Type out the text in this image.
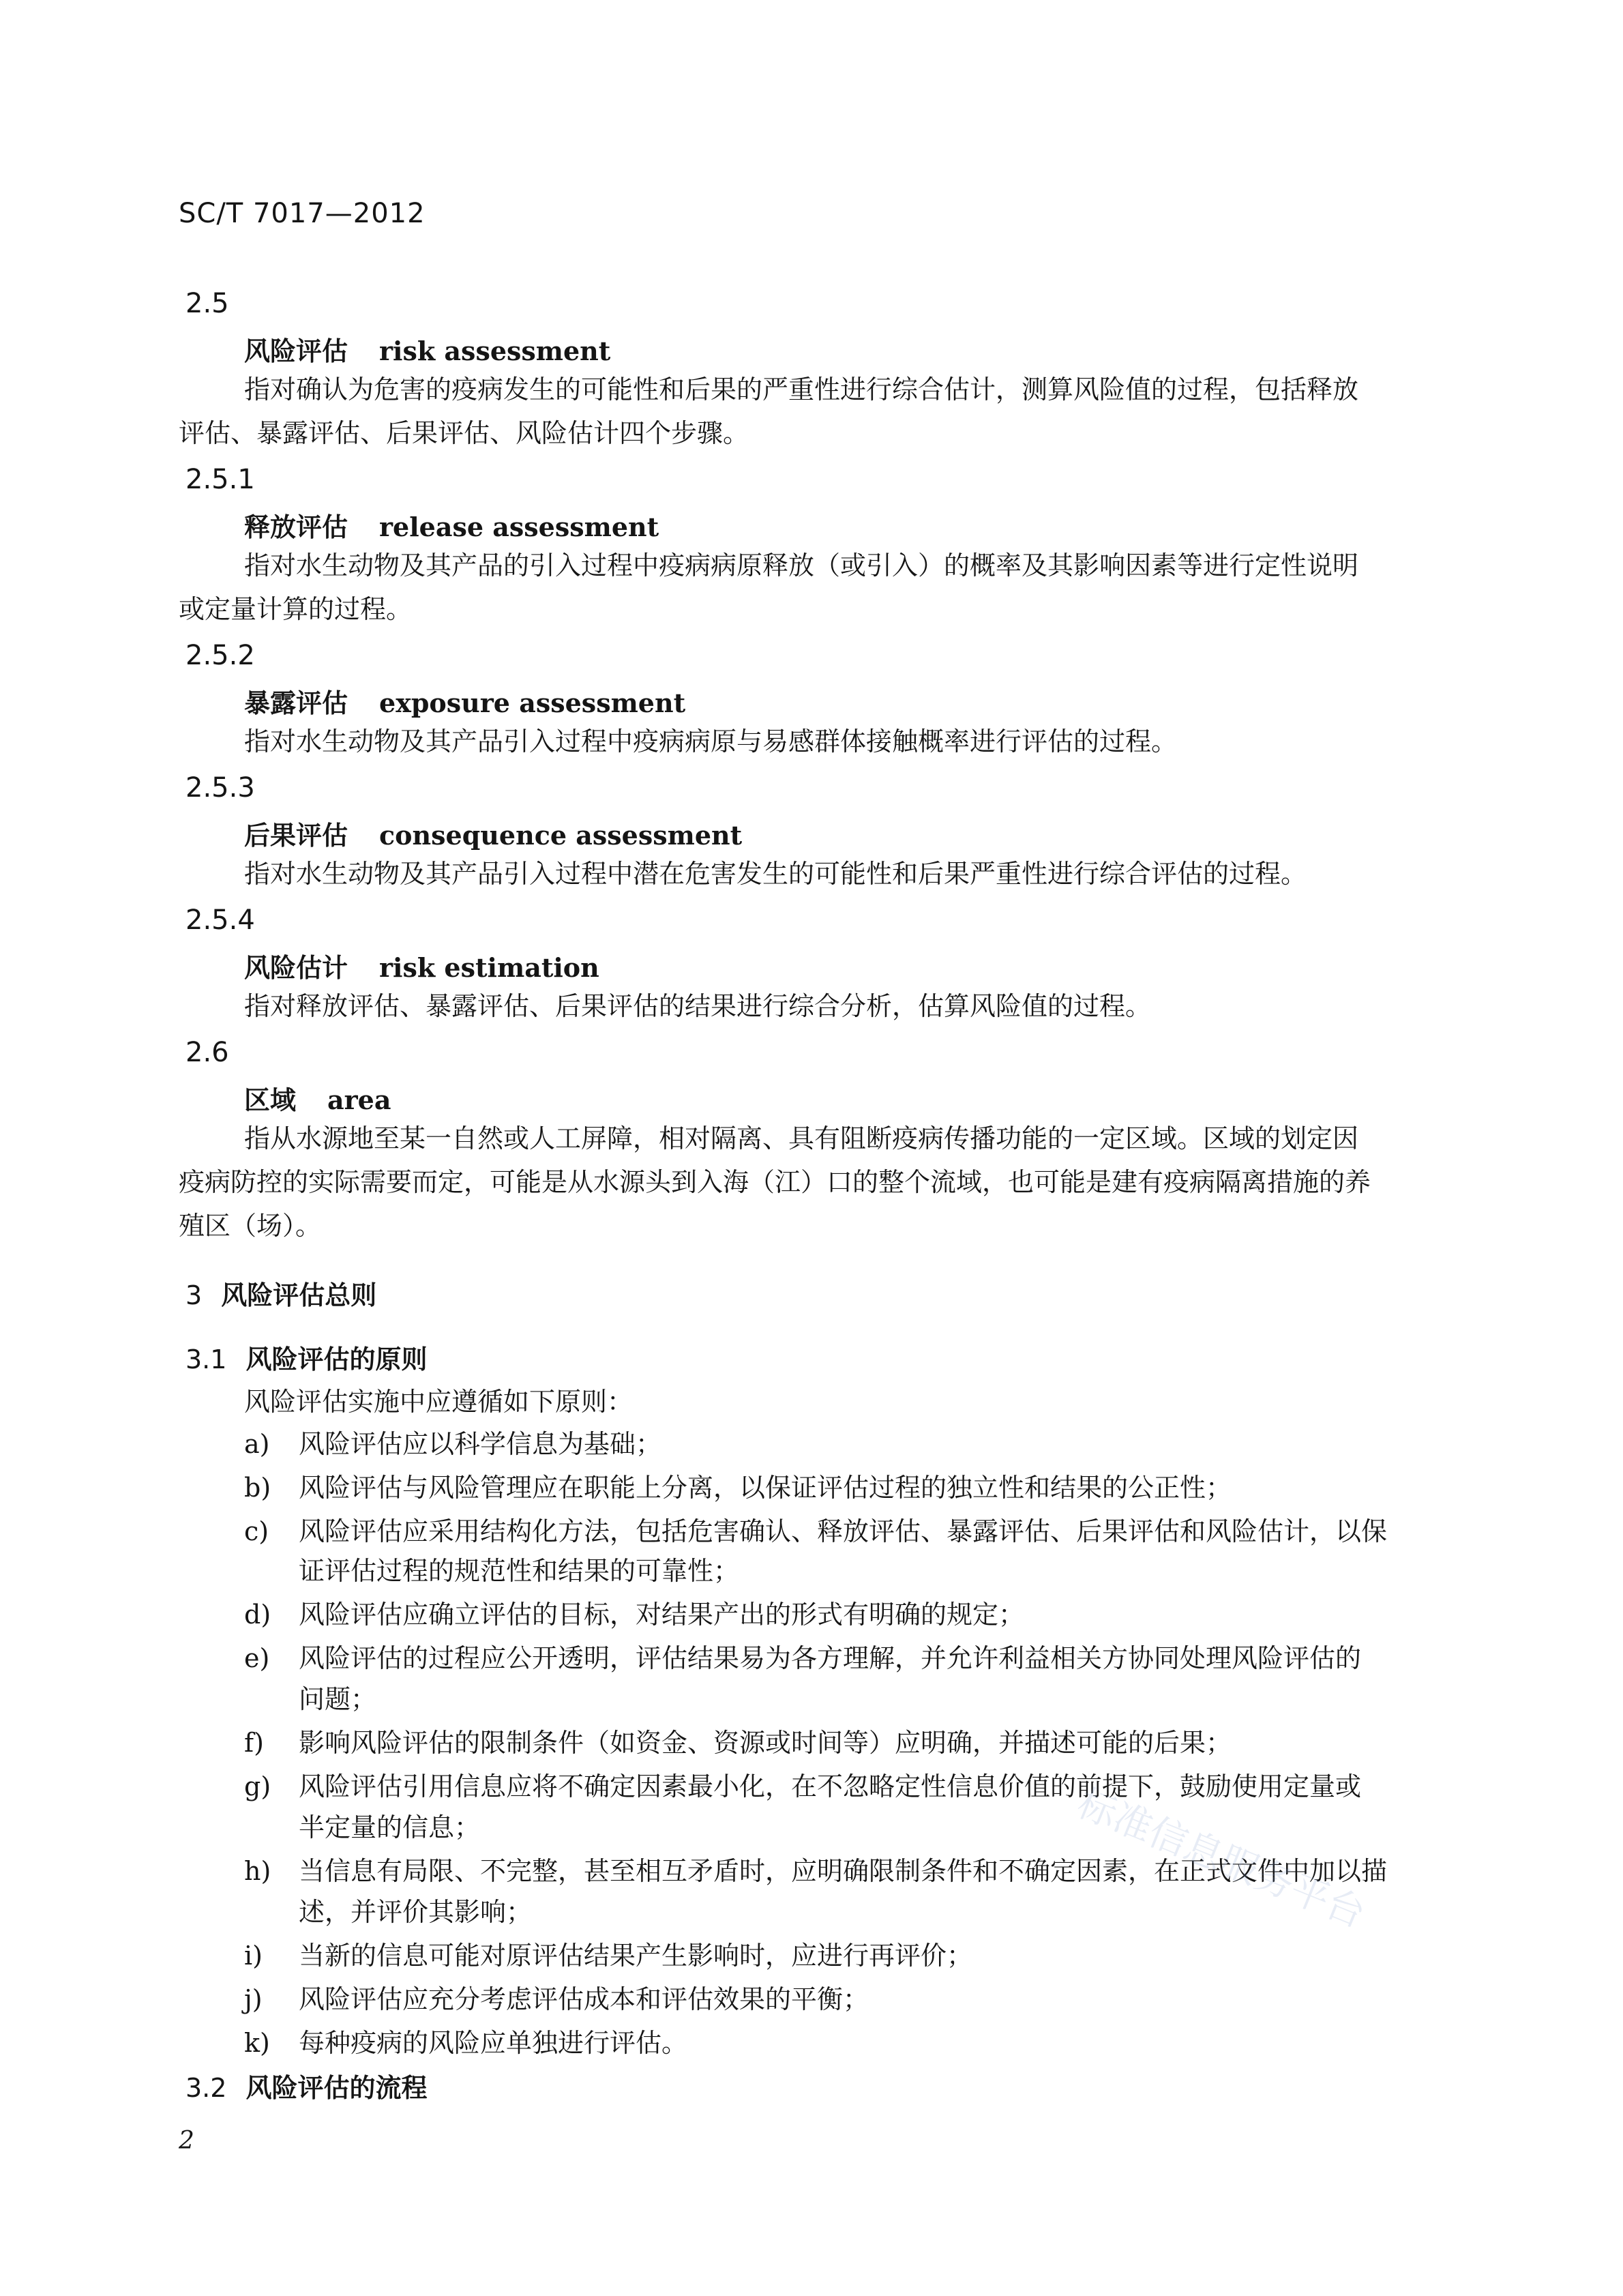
SC/T 7017—2012
2.5
风险评估 risk assessment
指对确认为危害的疫病发生的可能性和后果的严重性进行综合估计，测算风险值的过程，包括释放
评估、暴露评估、后果评估、风险估计四个步骤。
2.5.1
释放评估 release assessment
指对水生动物及其产品的引入过程中疫病病原释放（或引入）的概率及其影响因素等进行定性说明
或定量计算的过程。
2.5.2
暴露评估 exposure assessment
指对水生动物及其产品引入过程中疫病病原与易感群体接触概率进行评估的过程。
2.5.3
后果评估 consequence assessment
指对水生动物及其产品引入过程中潜在危害发生的可能性和后果严重性进行综合评估的过程。
2.5.4
风险估计 risk estimation
指对释放评估、暴露评估、后果评估的结果进行综合分析，估算风险值的过程。
2.6
区域 area
指从水源地至某一自然或人工屏障，相对隔离、具有阻断疫病传播功能的一定区域。区域的划定因
疫病防控的实际需要而定，可能是从水源头到入海（江）口的整个流域，也可能是建有疫病隔离措施的养
殖区（场）。
3 风险评估总则
3.1 风险评估的原则
风险评估实施中应遵循如下原则：
a) 风险评估应以科学信息为基础；
b) 风险评估与风险管理应在职能上分离，以保证评估过程的独立性和结果的公正性；
c) 风险评估应采用结构化方法，包括危害确认、释放评估、暴露评估、后果评估和风险估计，以保
证评估过程的规范性和结果的可靠性；
d) 风险评估应确立评估的目标，对结果产出的形式有明确的规定；
e) 风险评估的过程应公开透明，评估结果易为各方理解，并允许利益相关方协同处理风险评估的
问题；
f) 影响风险评估的限制条件（如资金、资源或时间等）应明确，并描述可能的后果；
g) 风险评估引用信息应将不确定因素最小化，在不忽略定性信息价值的前提下，鼓励使用定量或
半定量的信息；
h) 当信息有局限、不完整，甚至相互矛盾时，应明确限制条件和不确定因素，在正式文件中加以描
述，并评价其影响；
i) 当新的信息可能对原评估结果产生影响时，应进行再评价；
j) 风险评估应充分考虑评估成本和评估效果的平衡；
k) 每种疫病的风险应单独进行评估。
3.2 风险评估的流程
2
标准信息服务平台
